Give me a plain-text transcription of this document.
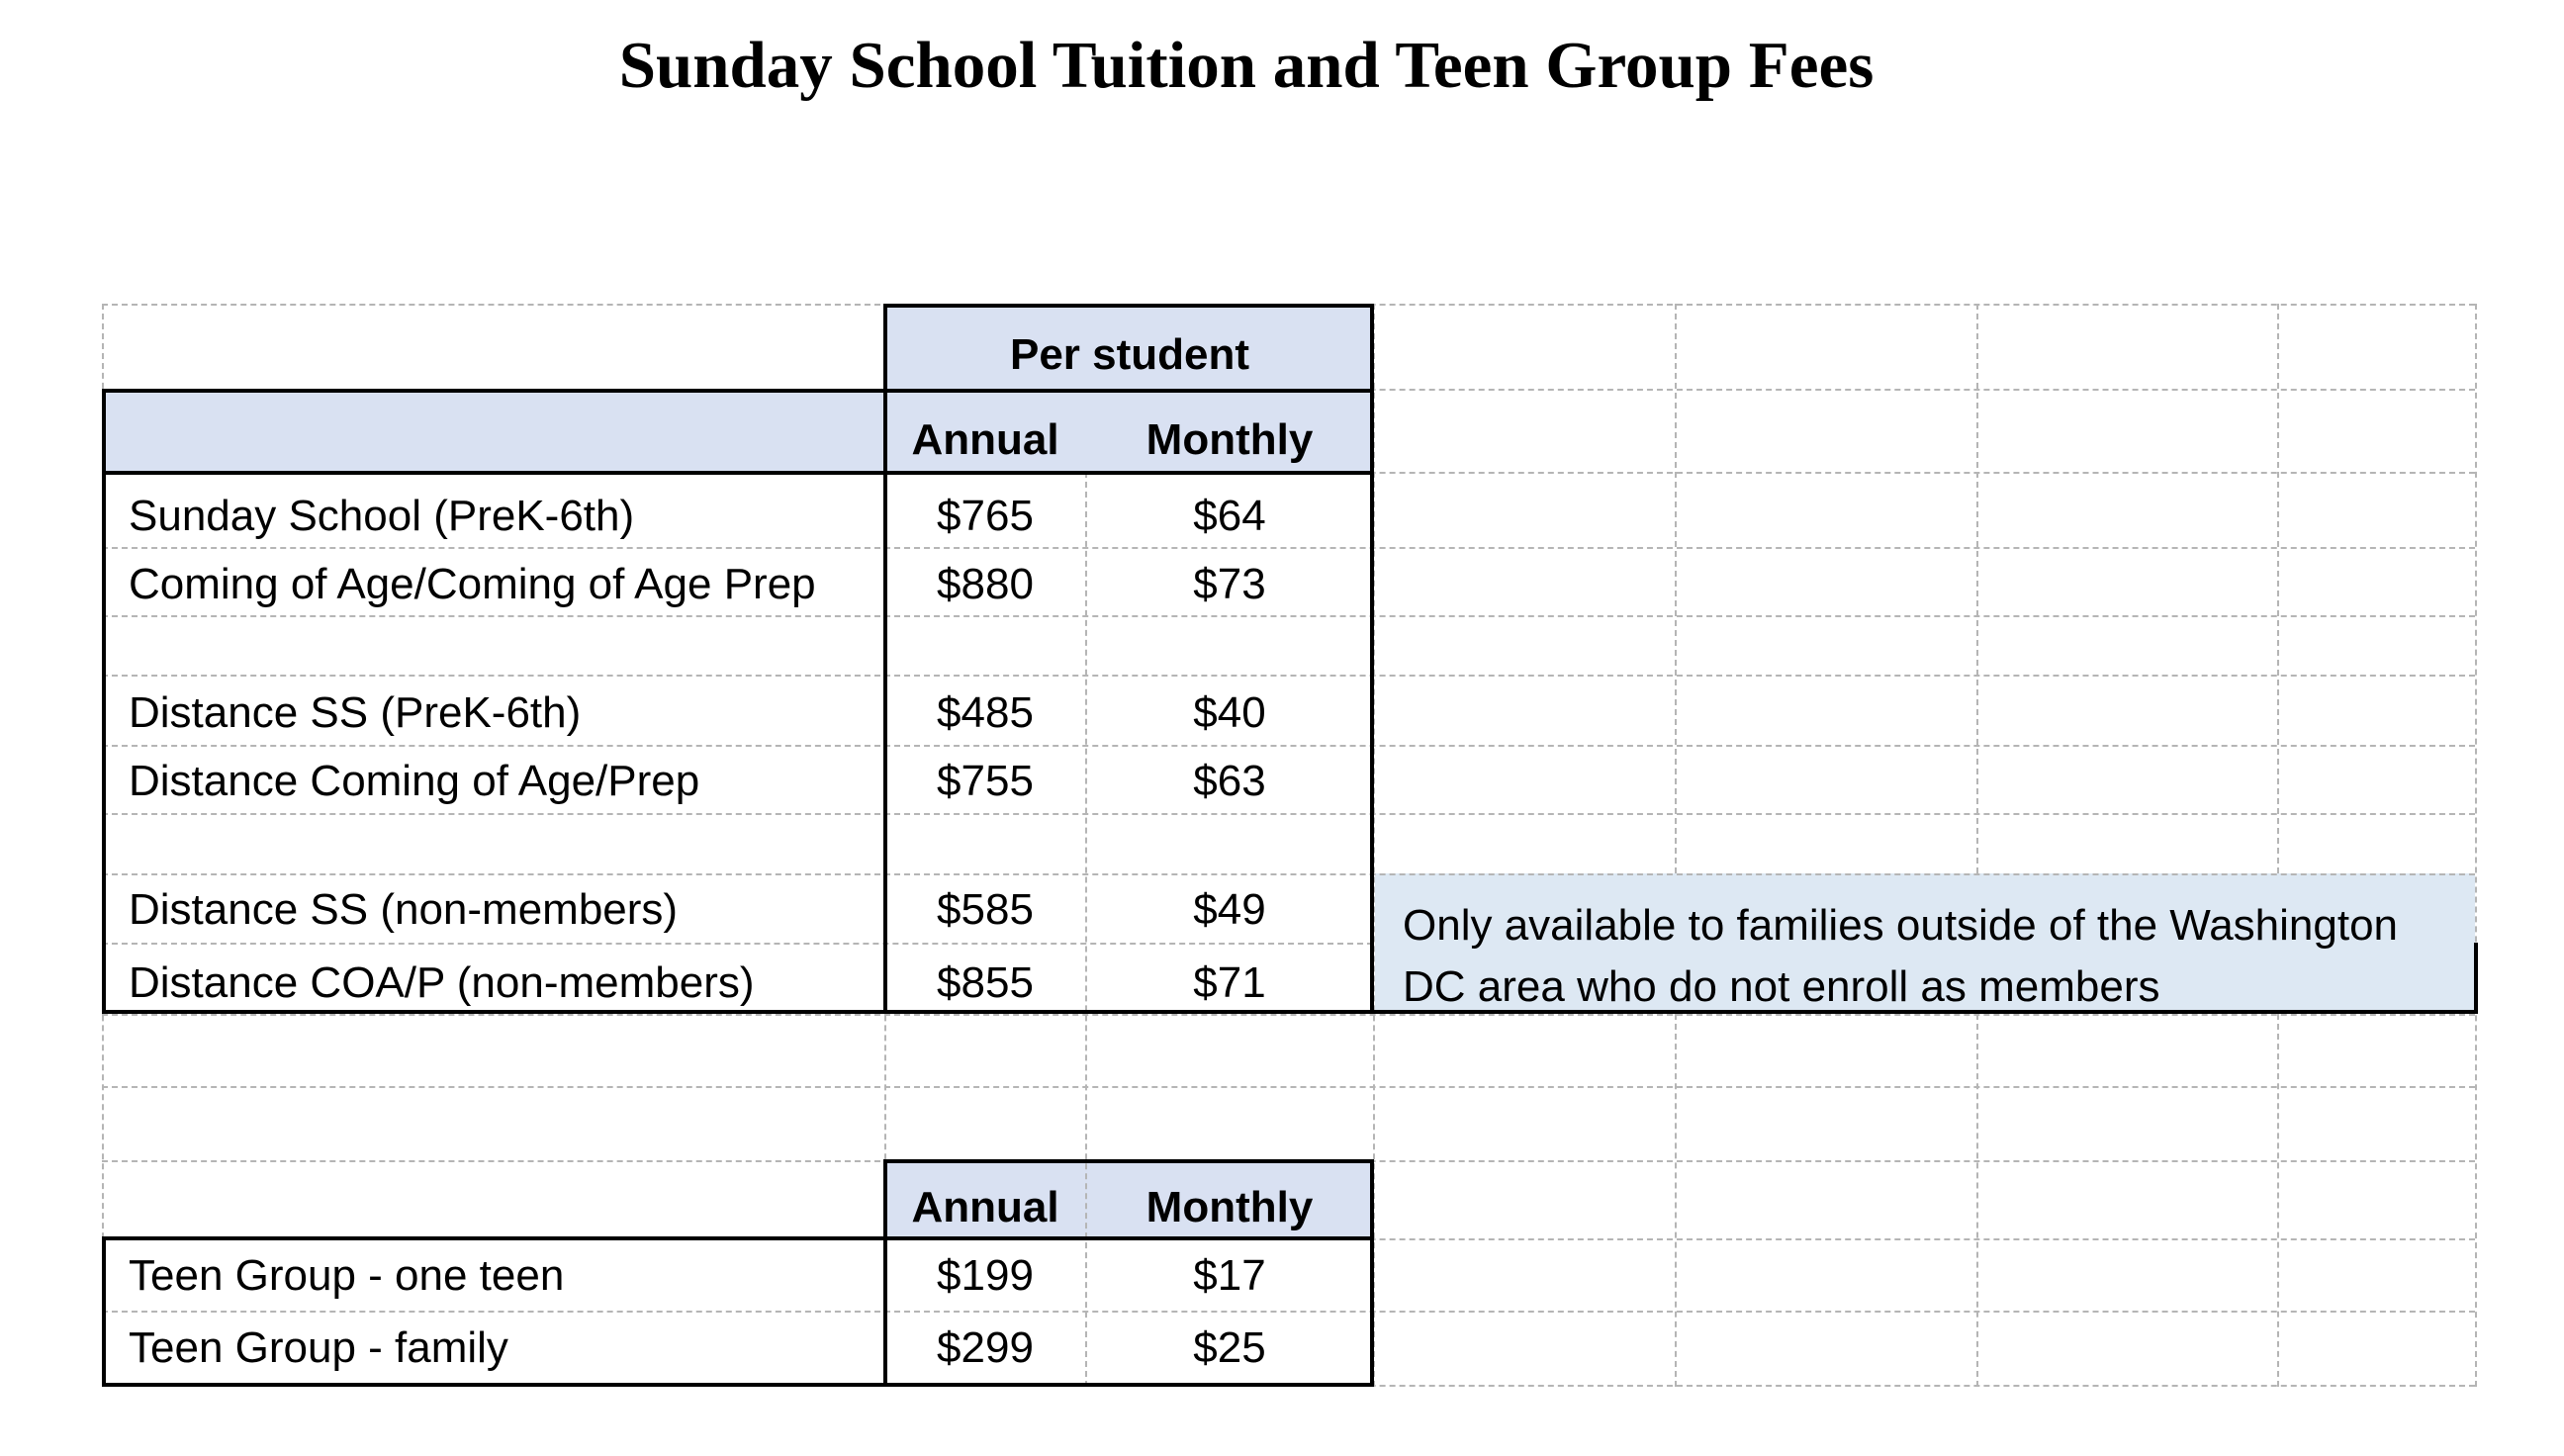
Sunday School Tuition and Teen Group Fees
Per student
Annual	Monthly
Sunday School (PreK-6th)	$765	$64
Coming of Age/Coming of Age Prep	$880	$73
Distance SS (PreK-6th)	$485	$40
Distance Coming of Age/Prep	$755	$63
Distance SS (non-members)	$585	$49
Distance COA/P (non-members)	$855	$71
Only available to families outside of the Washington DC area who do not enroll as members
Annual	Monthly
Teen Group - one teen	$199	$17
Teen Group - family	$299	$25
